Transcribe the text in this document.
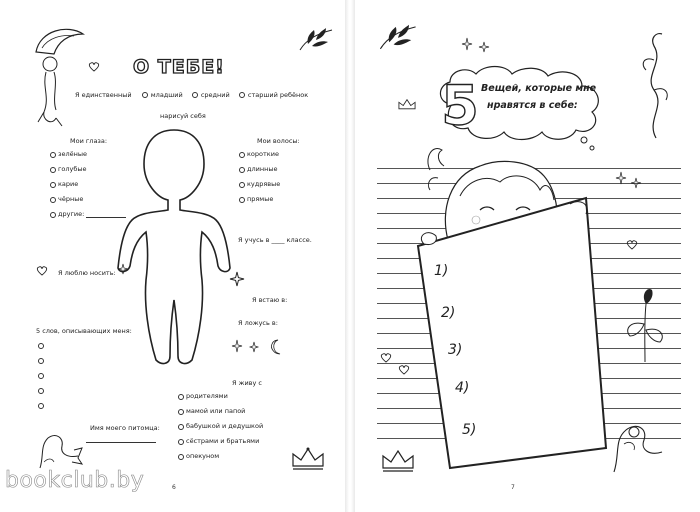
О ТЕБЕ!
Я единственный	младший	средний	старший ребёнок
нарисуй себя
Мои глаза:
зелёные
голубые
карие
чёрные
другие:
Мои волосы:
короткие
длинные
кудрявые
прямые
Я учусь в ____ классе.
Я люблю носить:
Я встаю в:
Я ложусь в:
5 слов, описывающих меня:
Я живу с
родителями
мамой или папой
бабушкой и дедушкой
сёстрами и братьями
опекуном
Имя моего питомца:
6
5 Вещей, которые мне
нравятся в себе:
1)
2)
3)
4)
5)
7
bookclub.by
